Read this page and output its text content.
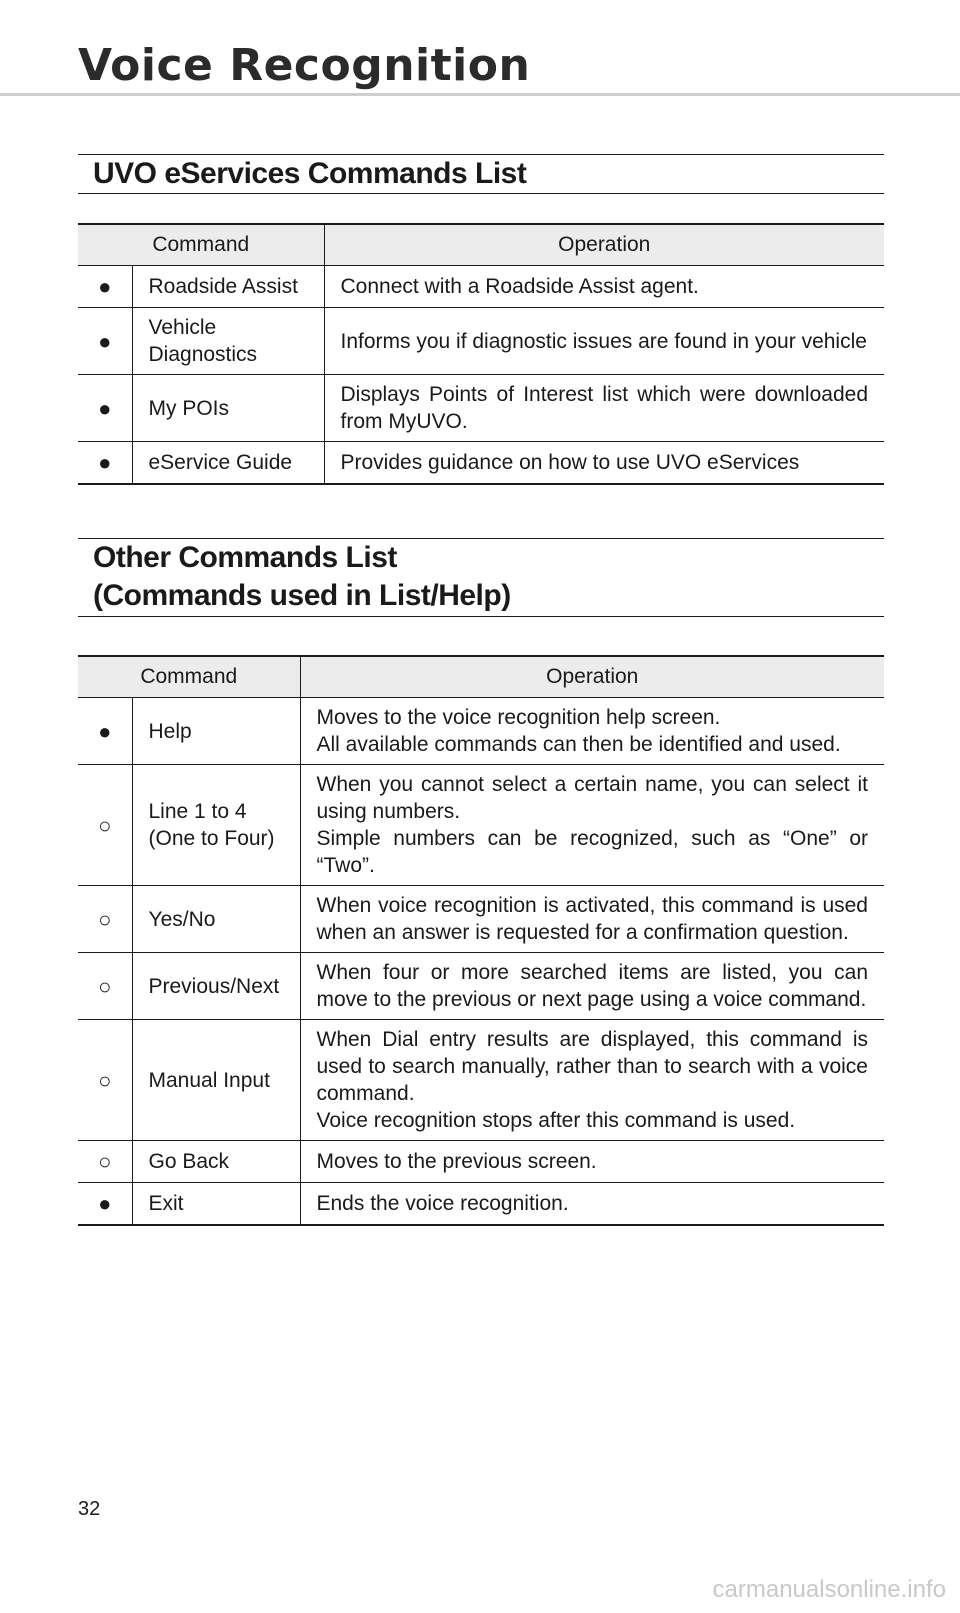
Voice Recognition
UVO eServices Commands List
Command		Operation
●	Roadside Assist	Connect with a Roadside Assist agent.

●	Vehicle
Diagnostics	Informs you if diagnostic issues are found in your vehicle

●	My POIs	Displays Points of Interest list which were downloaded from MyUVO.

●	eService Guide	Provides guidance on how to use UVO eServices
Other Commands List
(Commands used in List/Help)
Command		Operation
●	Help	Moves to the voice recognition help screen.
All available commands can then be identified and used.

○	Line 1 to 4
(One to Four)	When you cannot select a certain name, you can select it using numbers.
Simple numbers can be recognized, such as “One” or “Two”.

○	Yes/No	When voice recognition is activated, this command is used when an answer is requested for a confirmation question.

○	Previous/Next	When four or more searched items are listed, you can move to the previous or next page using a voice command.

○	Manual Input	When Dial entry results are displayed, this command is used to search manually, rather than to search with a voice command.
Voice recognition stops after this command is used.

○	Go Back	Moves to the previous screen.

●	Exit	Ends the voice recognition.
32
carmanualsonline.info
